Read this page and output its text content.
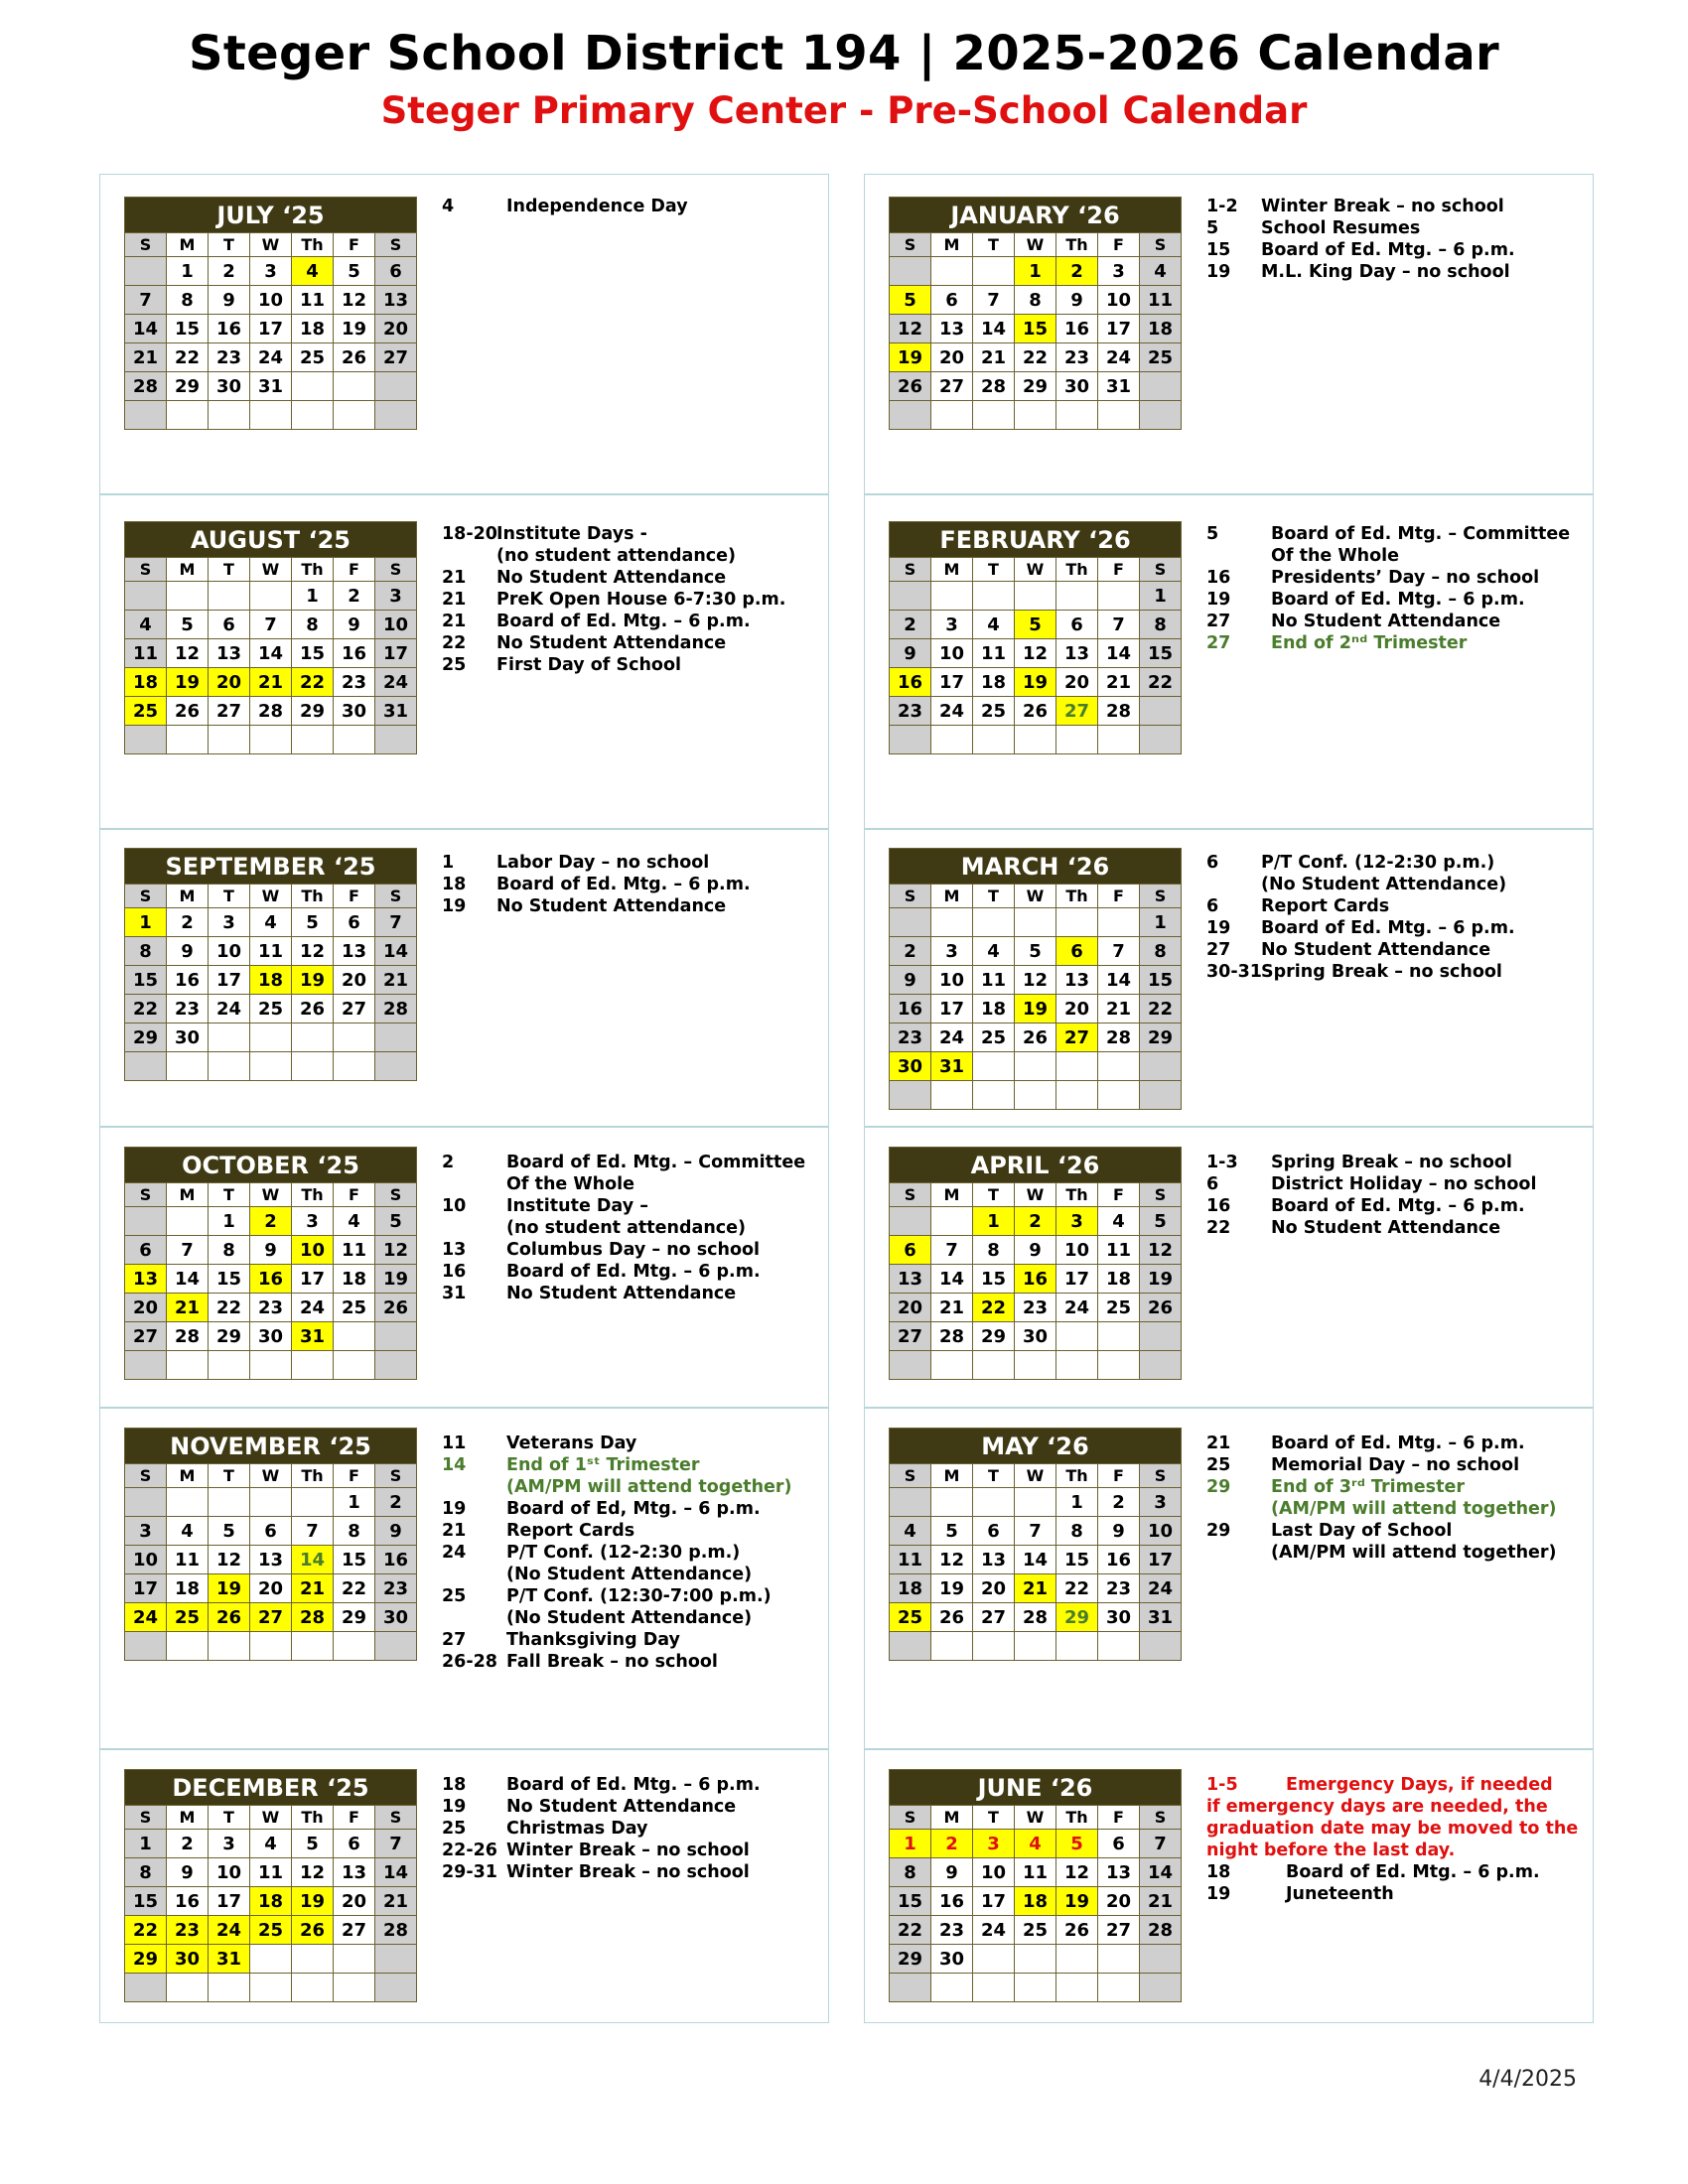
Steger School District 194 | 2025-2026 Calendar
Steger Primary Center - Pre-School Calendar
JULY ‘25						
S	M	T	W	Th	F	S
	1	2	3	4	5	6
7	8	9	10	11	12	13
14	15	16	17	18	19	20
21	22	23	24	25	26	27
28	29	30	31			

4	Independence Day
AUGUST ‘25						
S	M	T	W	Th	F	S
				1	2	3
4	5	6	7	8	9	10
11	12	13	14	15	16	17
18	19	20	21	22	23	24
25	26	27	28	29	30	31

18-20 Institute Days -
(no student attendance)
21 No Student Attendance
21 PreK Open House 6-7:30 p.m.
21 Board of Ed. Mtg. – 6 p.m.
22 No Student Attendance
25 First Day of School
SEPTEMBER ‘25						
S	M	T	W	Th	F	S
1	2	3	4	5	6	7
8	9	10	11	12	13	14
15	16	17	18	19	20	21
22	23	24	25	26	27	28
29	30					

1 Labor Day – no school
18 Board of Ed. Mtg. – 6 p.m.
19 No Student Attendance
OCTOBER ‘25						
S	M	T	W	Th	F	S
		1	2	3	4	5
6	7	8	9	10	11	12
13	14	15	16	17	18	19
20	21	22	23	24	25	26
27	28	29	30	31		

2	Board of Ed. Mtg. – Committee
Of the Whole
10 Institute Day –
(no student attendance)
13 Columbus Day – no school
16 Board of Ed. Mtg. – 6 p.m.
31 No Student Attendance
NOVEMBER ‘25						
S	M	T	W	Th	F	S
					1	2
3	4	5	6	7	8	9
10	11	12	13	14	15	16
17	18	19	20	21	22	23
24	25	26	27	28	29	30

11 Veterans Day
14 End of 1ˢᵗ Trimester
(AM/PM will attend together)
19 Board of Ed, Mtg. – 6 p.m.
21 Report Cards
24 P/T Conf. (12-2:30 p.m.)
(No Student Attendance)
25 P/T Conf. (12:30-7:00 p.m.)
(No Student Attendance)
27 Thanksgiving Day
26-28 Fall Break – no school
DECEMBER ‘25						
S	M	T	W	Th	F	S
1	2	3	4	5	6	7
8	9	10	11	12	13	14
15	16	17	18	19	20	21
22	23	24	25	26	27	28
29	30	31				

18 Board of Ed. Mtg. – 6 p.m.
19 No Student Attendance
25 Christmas Day
22-26 Winter Break – no school
29-31 Winter Break – no school
JANUARY ‘26						
S	M	T	W	Th	F	S
			1	2	3	4
5	6	7	8	9	10	11
12	13	14	15	16	17	18
19	20	21	22	23	24	25
26	27	28	29	30	31	

1-2 Winter Break – no school
5 School Resumes
15 Board of Ed. Mtg. – 6 p.m.
19 M.L. King Day – no school
FEBRUARY ‘26						
S	M	T	W	Th	F	S
						1
2	3	4	5	6	7	8
9	10	11	12	13	14	15
16	17	18	19	20	21	22
23	24	25	26	27	28	

5	Board of Ed. Mtg. – Committee
Of the Whole
16 Presidents’ Day – no school
19 Board of Ed. Mtg. – 6 p.m.
27 No Student Attendance
27 End of 2ⁿᵈ Trimester
MARCH ‘26						
S	M	T	W	Th	F	S
						1
2	3	4	5	6	7	8
9	10	11	12	13	14	15
16	17	18	19	20	21	22
23	24	25	26	27	28	29
30	31					

6 P/T Conf. (12-2:30 p.m.)
(No Student Attendance)
6 Report Cards
19 Board of Ed. Mtg. – 6 p.m.
27 No Student Attendance
30-31 Spring Break – no school
APRIL ‘26						
S	M	T	W	Th	F	S
		1	2	3	4	5
6	7	8	9	10	11	12
13	14	15	16	17	18	19
20	21	22	23	24	25	26
27	28	29	30			

1-3 Spring Break – no school
6	District Holiday – no school
16 Board of Ed. Mtg. – 6 p.m.
22 No Student Attendance
MAY ‘26						
S	M	T	W	Th	F	S
				1	2	3
4	5	6	7	8	9	10
11	12	13	14	15	16	17
18	19	20	21	22	23	24
25	26	27	28	29	30	31

21 Board of Ed. Mtg. – 6 p.m.
25 Memorial Day – no school
29 End of 3ʳᵈ Trimester
(AM/PM will attend together)
29 Last Day of School
(AM/PM will attend together)
JUNE ‘26						
S	M	T	W	Th	F	S
1	2	3	4	5	6	7
8	9	10	11	12	13	14
15	16	17	18	19	20	21
22	23	24	25	26	27	28
29	30					

1-5	Emergency Days, if needed
if emergency days are needed, the
graduation date may be moved to the
night before the last day.
18	Board of Ed. Mtg. – 6 p.m.
19	Juneteenth
4/4/2025
